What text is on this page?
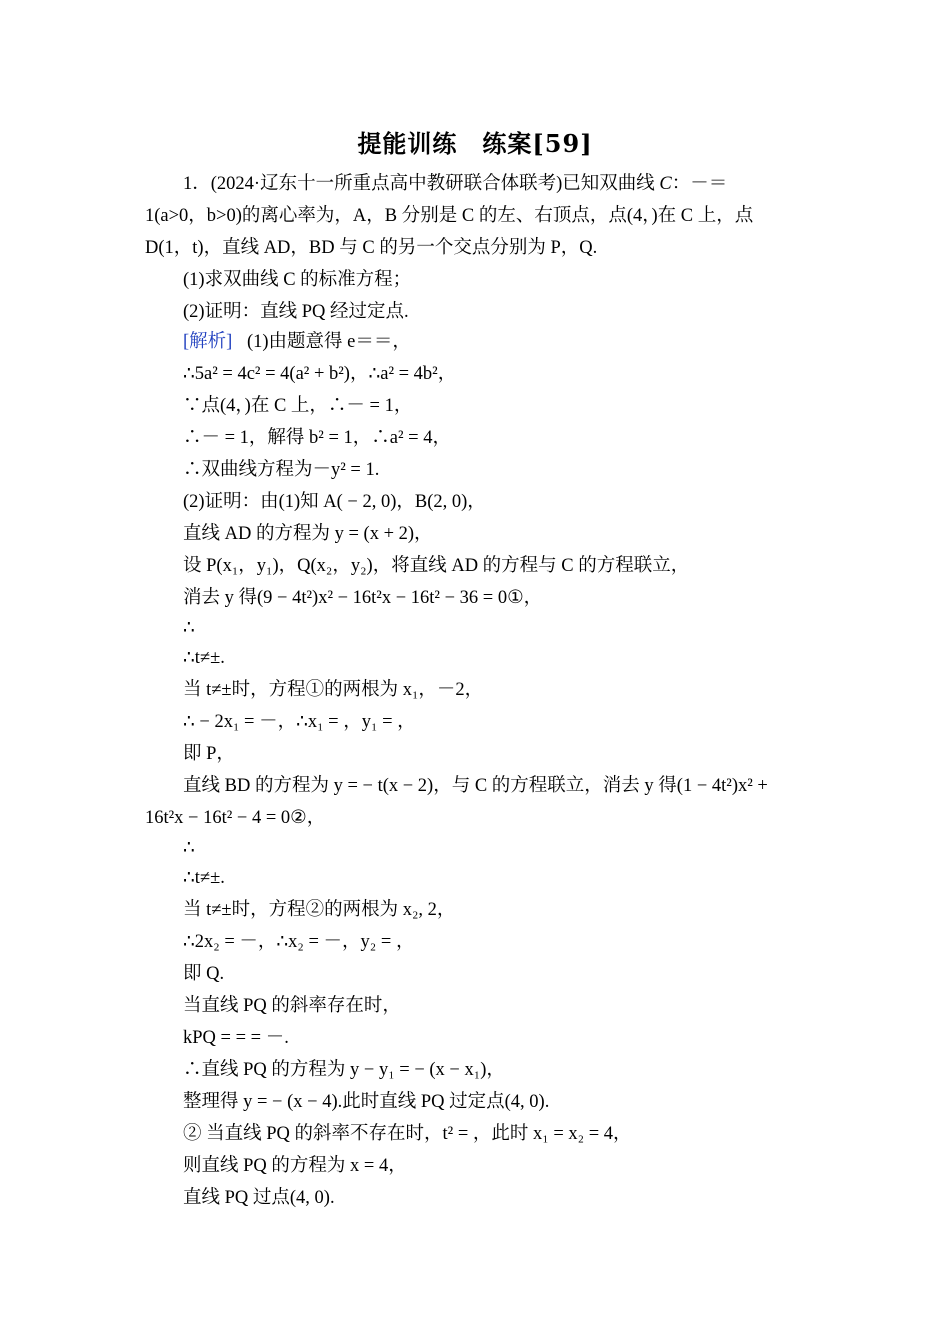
提能训练　练案[59]
1．(2024·辽东十一所重点高中教研联合体联考)已知双曲线 C：－＝
1(a>0，b>0)的离心率为，A，B 分别是 C 的左、右顶点，点(4，)在 C 上，点
D(1，t)，直线 AD，BD 与 C 的另一个交点分别为 P，Q.
(1)求双曲线 C 的标准方程；
(2)证明：直线 PQ 经过定点.
[解析] (1)由题意得 e＝＝，
∴5a² = 4c² = 4(a² + b²)，∴a² = 4b²，
∵点(4，)在 C 上，∴－ = 1，
∴－ = 1，解得 b² = 1，∴a² = 4，
∴双曲线方程为－y² = 1.
(2)证明：由(1)知 A( − 2, 0)，B(2, 0)，
直线 AD 的方程为 y = (x + 2)，
设 P(x₁，y₁)，Q(x₂，y₂)，将直线 AD 的方程与 C 的方程联立，
消去 y 得(9 − 4t²)x² − 16t²x − 16t² − 36 = 0①，
∴
∴t≠±.
当 t≠±时，方程①的两根为 x₁，－2，
∴ − 2x₁ = －，∴x₁ = ，y₁ = ，
即 P，
直线 BD 的方程为 y = − t(x − 2)，与 C 的方程联立，消去 y 得(1 − 4t²)x² +
16t²x − 16t² − 4 = 0②，
∴
∴t≠±.
当 t≠±时，方程②的两根为 x₂, 2，
∴2x₂ = －，∴x₂ = －，y₂ = ，
即 Q.
当直线 PQ 的斜率存在时，
kPQ = = = －.
∴直线 PQ 的方程为 y − y₁ = − (x − x₁)，
整理得 y = − (x − 4).此时直线 PQ 过定点(4, 0).
② 当直线 PQ 的斜率不存在时，t² = ，此时 x₁ = x₂ = 4，
则直线 PQ 的方程为 x = 4，
直线 PQ 过点(4, 0).
